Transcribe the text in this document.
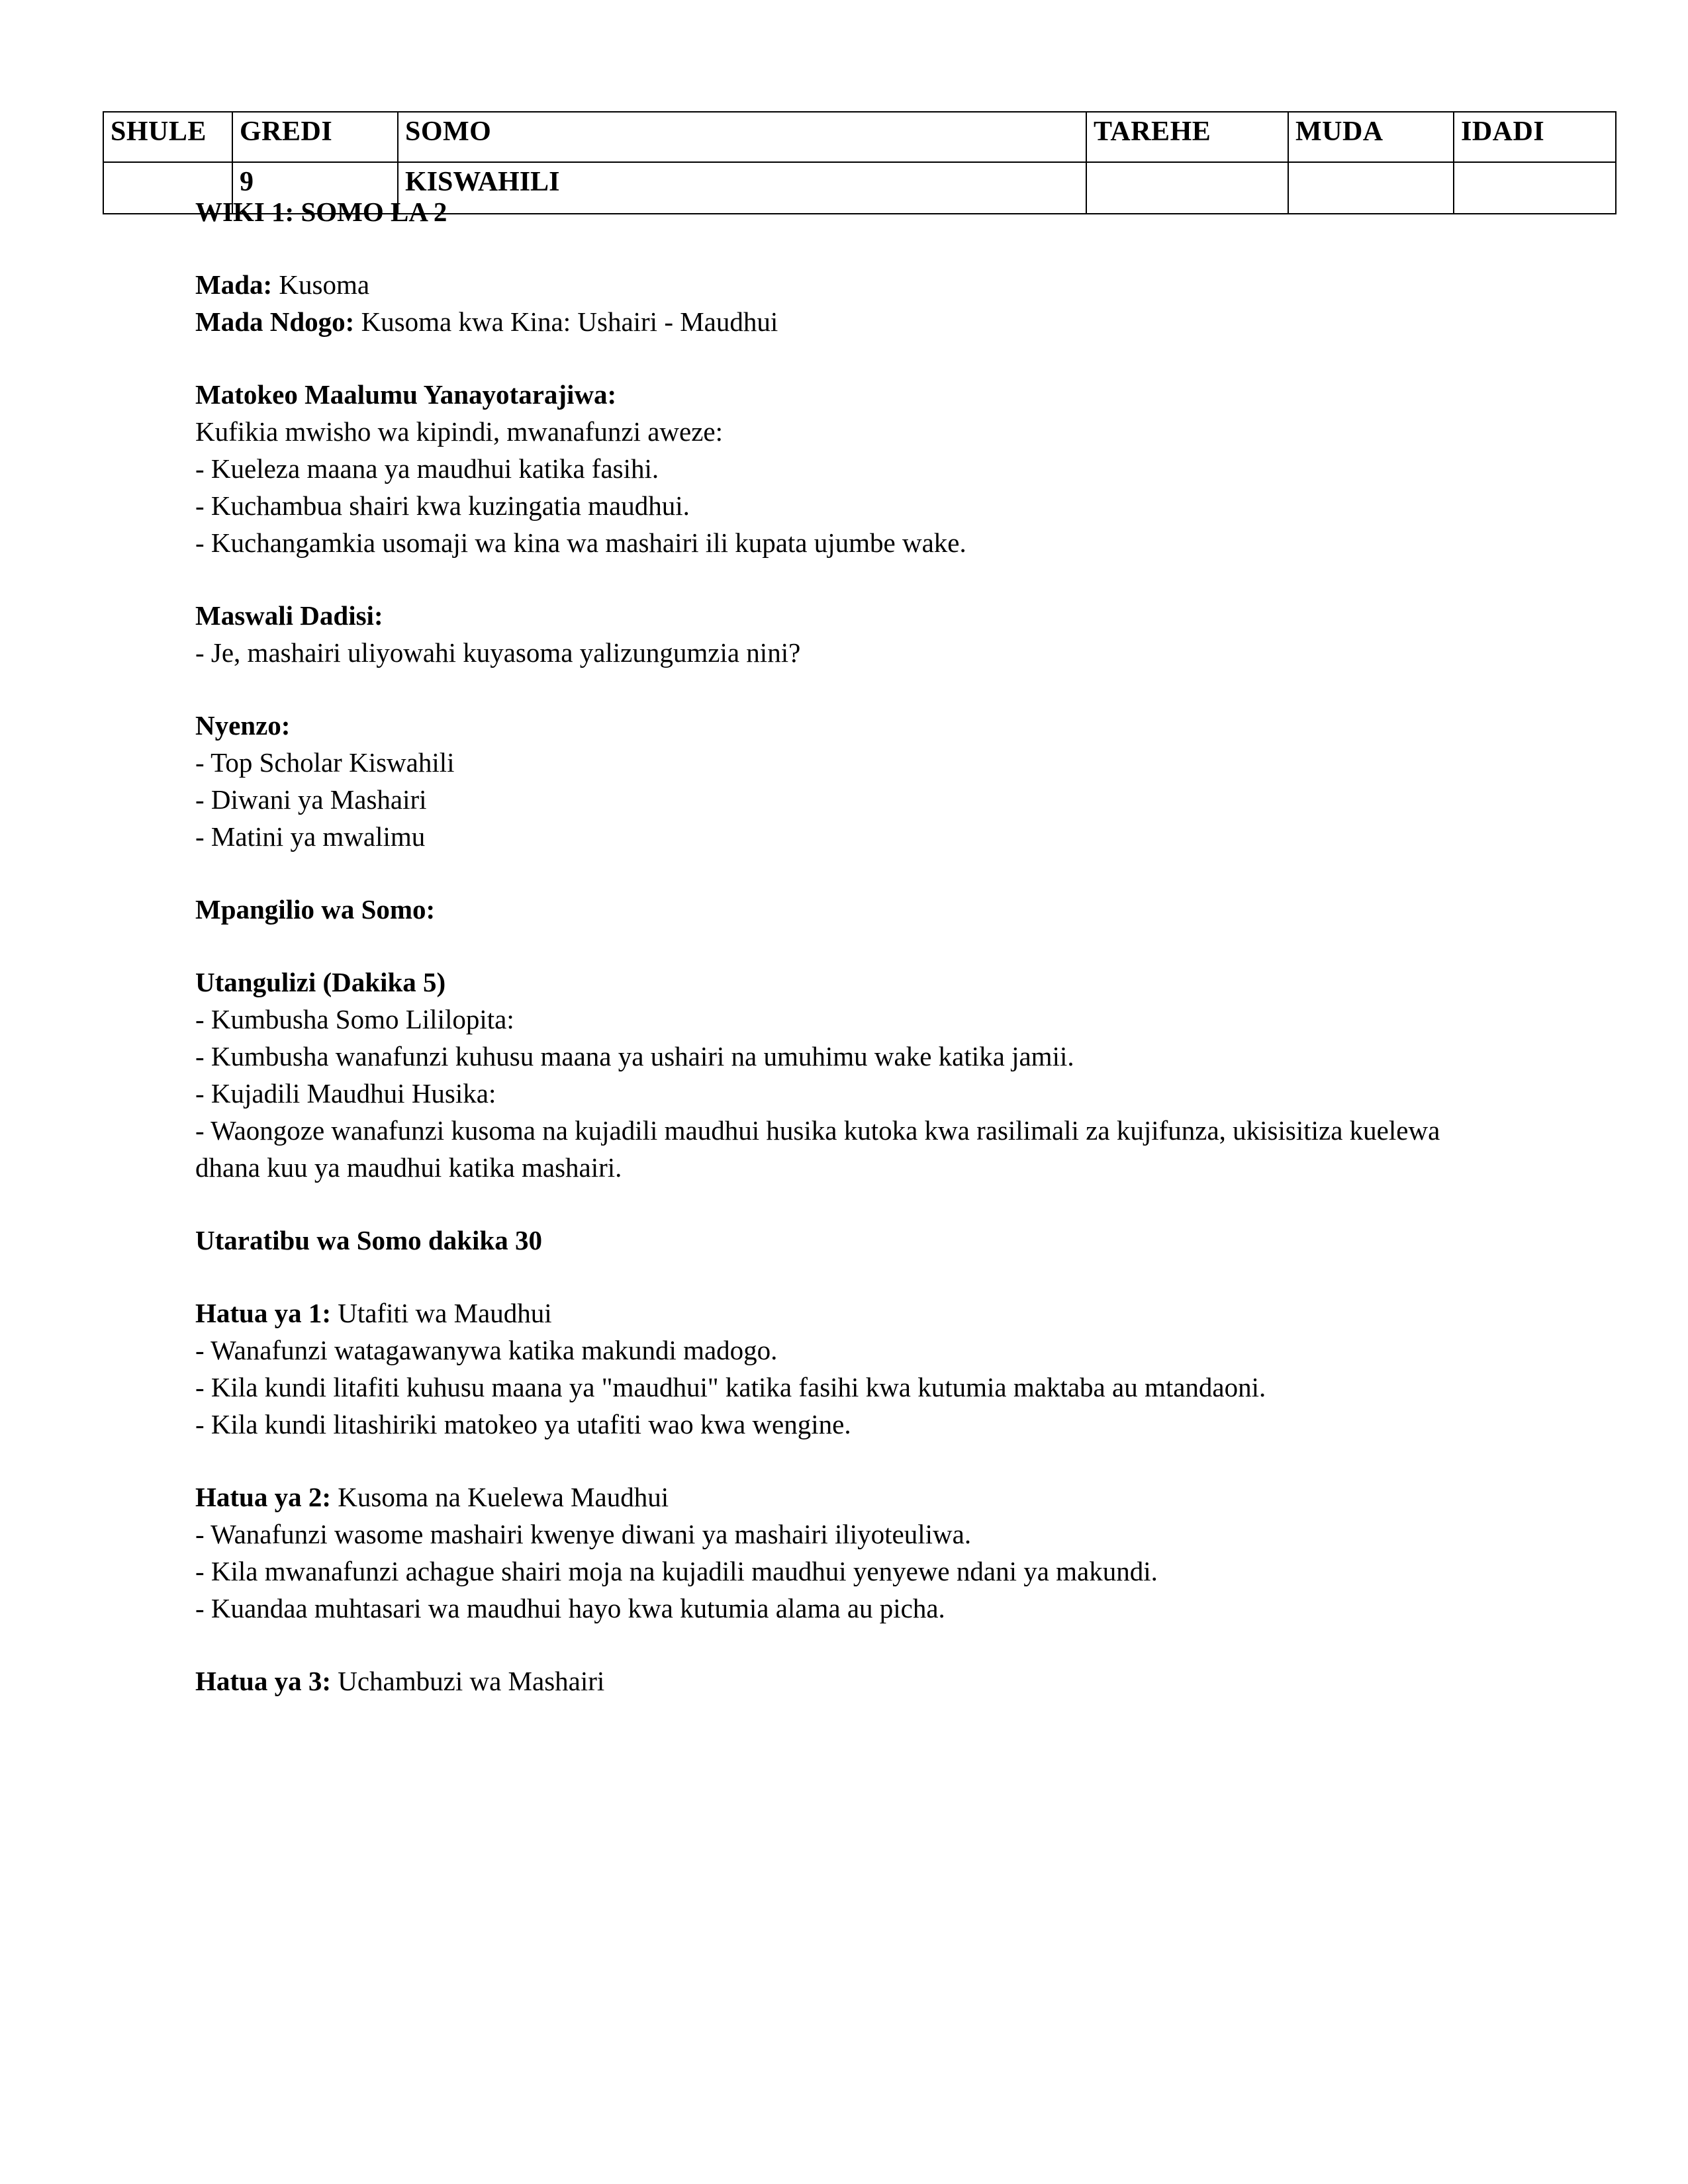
SHULE	GREDI	SOMO	TAREHE	MUDA	IDADI
	9	KISWAHILI			

WIKI 1: SOMO LA 2

Mada: Kusoma

Mada Ndogo: Kusoma kwa Kina: Ushairi - Maudhui

Matokeo Maalumu Yanayotarajiwa:

Kufikia mwisho wa kipindi, mwanafunzi aweze:

- Kueleza maana ya maudhui katika fasihi.

- Kuchambua shairi kwa kuzingatia maudhui.

- Kuchangamkia usomaji wa kina wa mashairi ili kupata ujumbe wake.

Maswali Dadisi:

- Je, mashairi uliyowahi kuyasoma yalizungumzia nini?

Nyenzo:

- Top Scholar Kiswahili

- Diwani ya Mashairi

- Matini ya mwalimu

Mpangilio wa Somo:

Utangulizi (Dakika 5)

- Kumbusha Somo Lililopita:

- Kumbusha wanafunzi kuhusu maana ya ushairi na umuhimu wake katika jamii.

- Kujadili Maudhui Husika:

- Waongoze wanafunzi kusoma na kujadili maudhui husika kutoka kwa rasilimali za kujifunza, ukisisitiza kuelewa dhana kuu ya maudhui katika mashairi.

Utaratibu wa Somo dakika 30

Hatua ya 1: Utafiti wa Maudhui

- Wanafunzi watagawanywa katika makundi madogo.

- Kila kundi litafiti kuhusu maana ya "maudhui" katika fasihi kwa kutumia maktaba au mtandaoni.

- Kila kundi litashiriki matokeo ya utafiti wao kwa wengine.

Hatua ya 2: Kusoma na Kuelewa Maudhui

- Wanafunzi wasome mashairi kwenye diwani ya mashairi iliyoteuliwa.

- Kila mwanafunzi achague shairi moja na kujadili maudhui yenyewe ndani ya makundi.

- Kuandaa muhtasari wa maudhui hayo kwa kutumia alama au picha.

Hatua ya 3: Uchambuzi wa Mashairi
